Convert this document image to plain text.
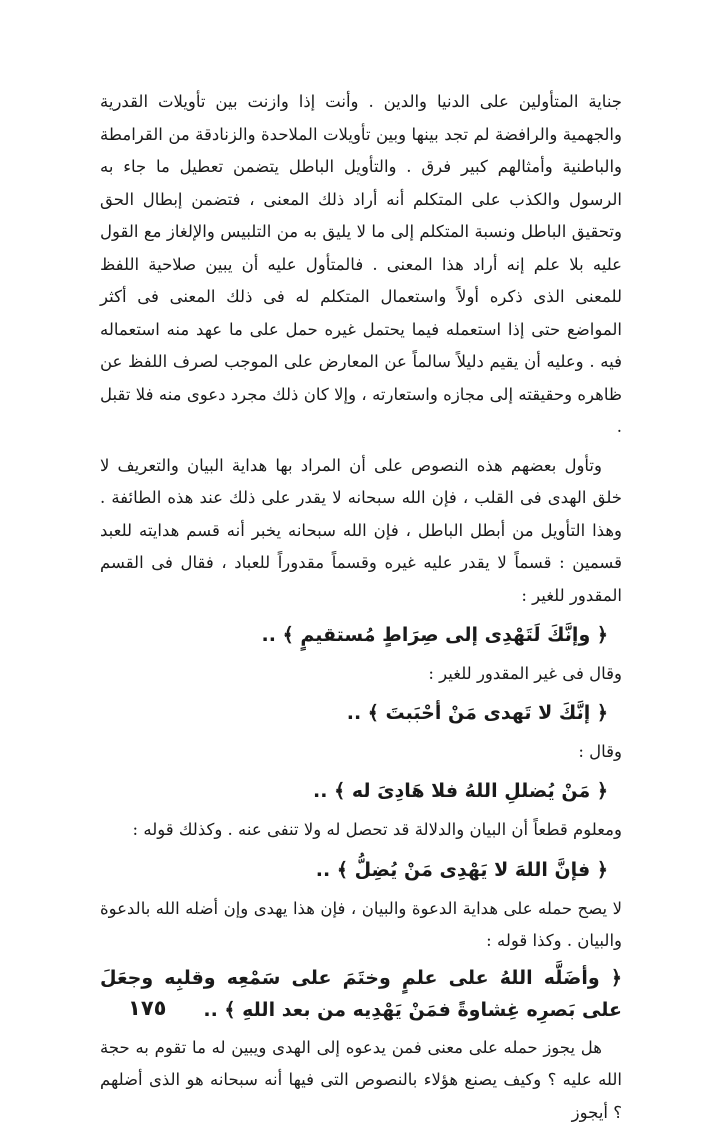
جناية المتأولين على الدنيا والدين . وأنت إذا وازنت بين تأويلات القدرية والجهمية والرافضة لم تجد بينها وبين تأويلات الملاحدة والزنادقة من القرامطة والباطنية وأمثالهم كبير فرق . والتأويل الباطل يتضمن تعطيل ما جاء به الرسول والكذب على المتكلم أنه أراد ذلك المعنى ، فتضمن إبطال الحق وتحقيق الباطل ونسبة المتكلم إلى ما لا يليق به من التلبيس والإلغاز مع القول عليه بلا علم إنه أراد هذا المعنى . فالمتأول عليه أن يبين صلاحية اللفظ للمعنى الذى ذكره أولاً واستعمال المتكلم له فى ذلك المعنى فى أكثر المواضع حتى إذا استعمله فيما يحتمل غيره حمل على ما عهد منه استعماله فيه . وعليه أن يقيم دليلاً سالماً عن المعارض على الموجب لصرف اللفظ عن ظاهره وحقيقته إلى مجازه واستعارته ، وإلا كان ذلك مجرد دعوى منه فلا تقبل .

وتأول بعضهم هذه النصوص على أن المراد بها هداية البيان والتعريف لا خلق الهدى فى القلب ، فإن الله سبحانه لا يقدر على ذلك عند هذه الطائفة . وهذا التأويل من أبطل الباطل ، فإن الله سبحانه يخبر أنه قسم هدايته للعبد قسمين : قسماً لا يقدر عليه غيره وقسماً مقدوراً للعباد ، فقال فى القسم المقدور للغير :

﴿ وإنَّكَ لَتَهْدِى إلى صِرَاطٍ مُستقيمٍ ﴾ ..

وقال فى غير المقدور للغير :

﴿ إنَّكَ لا تَهدى مَنْ أحْبَبتَ ﴾ ..

وقال :

﴿ مَنْ يُضللِ اللهُ فلا هَادِىَ له ﴾ ..

ومعلوم قطعاً أن البيان والدلالة قد تحصل له ولا تنفى عنه . وكذلك قوله :

﴿ فإنَّ اللهَ لا يَهْدِى مَنْ يُضِلُّ ﴾ ..

لا يصح حمله على هداية الدعوة والبيان ، فإن هذا يهدى وإن أضله الله بالدعوة والبيان . وكذا قوله :

﴿ وأضَلَّه اللهُ على علمٍ وختَمَ على سَمْعِه وقلبِه وجعَلَ على بَصرِه غِشاوةً فمَنْ يَهْدِيه من بعد اللهِ ﴾ ..

هل يجوز حمله على معنى فمن يدعوه إلى الهدى ويبين له ما تقوم به حجة الله عليه ؟ وكيف يصنع هؤلاء بالنصوص التى فيها أنه سبحانه هو الذى أضلهم ؟ أيجوز

١٧٥
